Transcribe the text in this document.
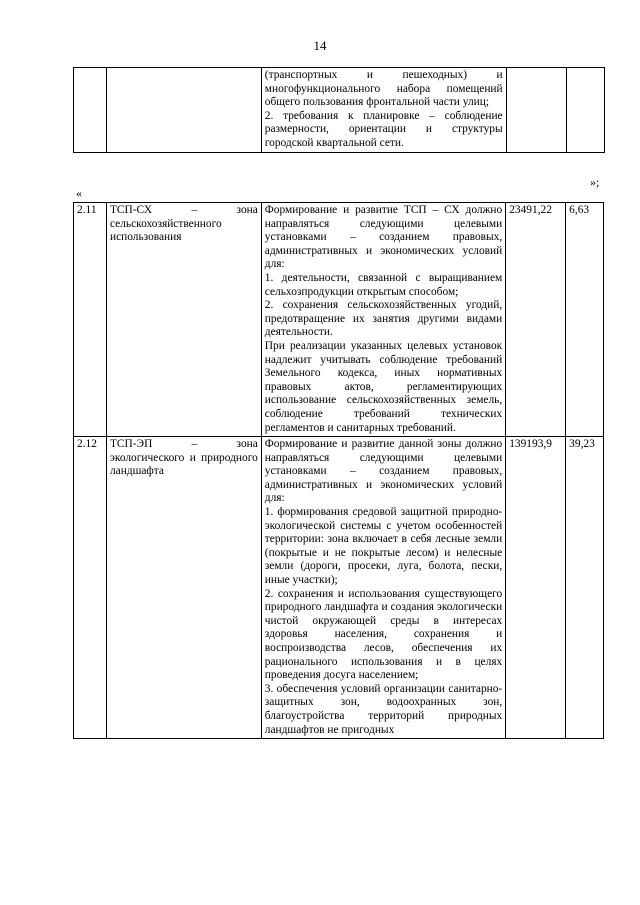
14

(транспортных и пешеходных) и многофункционального набора помещений общего пользования фронтальной части улиц;
2. требования к планировке – соблюдение размерности, ориентации и структуры городской квартальной сети.

»;
«
2.11	ТСП-СХ – зона сельскохозяйственного использования	Формирование и развитие ТСП – СХ должно направляться следующими целевыми установками – созданием правовых, административных и экономических условий для:
1. деятельности, связанной с выращиванием сельхозпродукции открытым способом;
2. сохранения сельскохозяйственных угодий, предотвращение их занятия другими видами деятельности.
При реализации указанных целевых установок надлежит учитывать соблюдение требований Земельного кодекса, иных нормативных правовых актов, регламентирующих использование сельскохозяйственных земель, соблюдение требований технических регламентов и санитарных требований.	23491,22	6,63
2.12	ТСП-ЭП – зона экологического и природного ландшафта	Формирование и развитие данной зоны должно направляться следующими целевыми установками – созданием правовых, административных и экономических условий для:
1. формирования средовой защитной природно-экологической системы с учетом особенностей территории: зона включает в себя лесные земли (покрытые и не покрытые лесом) и нелесные земли (дороги, просеки, луга, болота, пески, иные участки);
2. сохранения и использования существующего природного ландшафта и создания экологически чистой окружающей среды в интересах здоровья населения, сохранения и воспроизводства лесов, обеспечения их рационального использования и в целях проведения досуга населением;
3. обеспечения условий организации санитарно-защитных зон, водоохранных зон, благоустройства территорий природных ландшафтов не пригодных	139193,9	39,23
